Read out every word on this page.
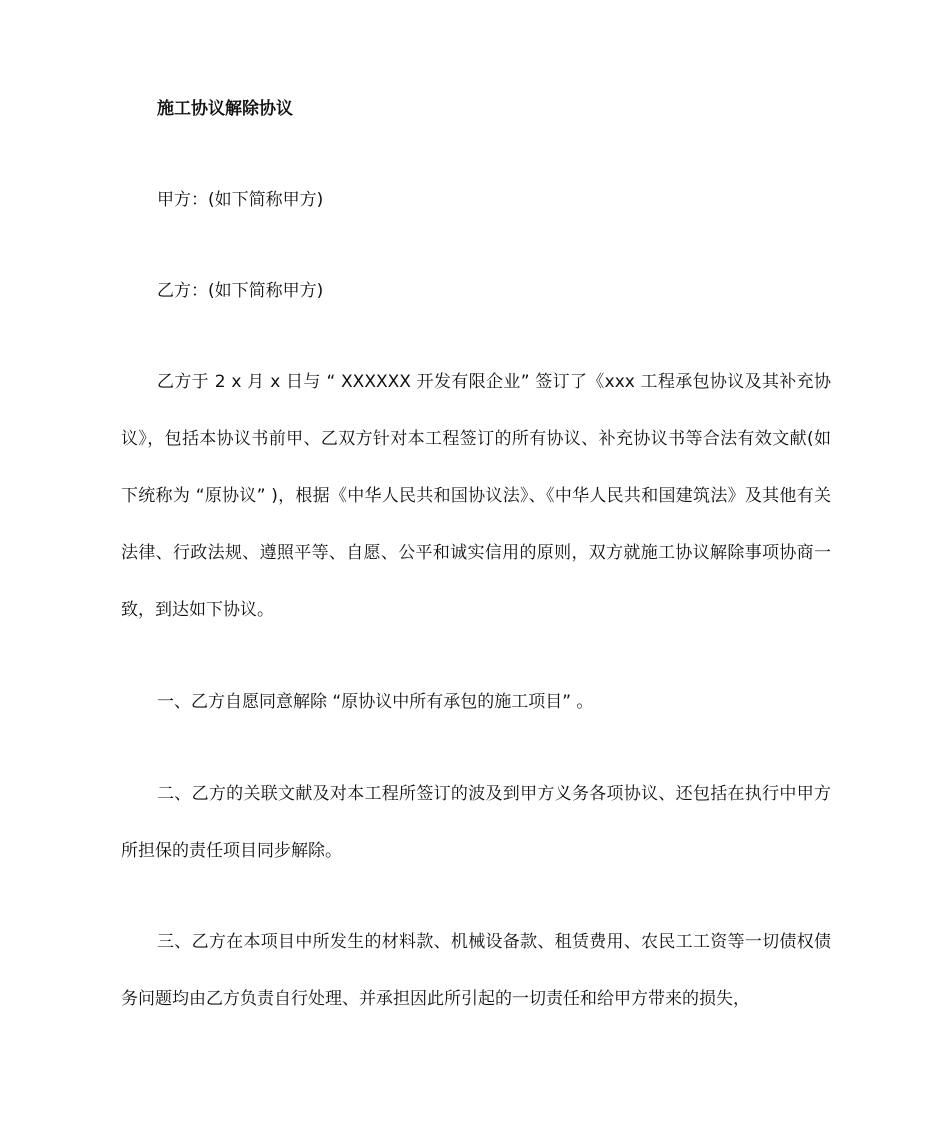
施工协议解除协议

甲方：(如下简称甲方)

乙方：(如下简称甲方)

乙方于 2 x 月 x 日与 “ XXXXXX 开发有限企业” 签订了《xxx 工程承包协议及其补充协议》，包括本协议书前甲、乙双方针对本工程签订的所有协议、补充协议书等合法有效文献(如下统称为 “原协议” )，根据《中华人民共和国协议法》、《中华人民共和国建筑法》及其他有关法律、行政法规、遵照平等、自愿、公平和诚实信用的原则，双方就施工协议解除事项协商一致，到达如下协议。

一、乙方自愿同意解除 “原协议中所有承包的施工项目” 。

二、乙方的关联文献及对本工程所签订的波及到甲方义务各项协议、还包括在执行中甲方所担保的责任项目同步解除。

三、乙方在本项目中所发生的材料款、机械设备款、租赁费用、农民工工资等一切债权债务问题均由乙方负责自行处理、并承担因此所引起的一切责任和给甲方带来的损失，
